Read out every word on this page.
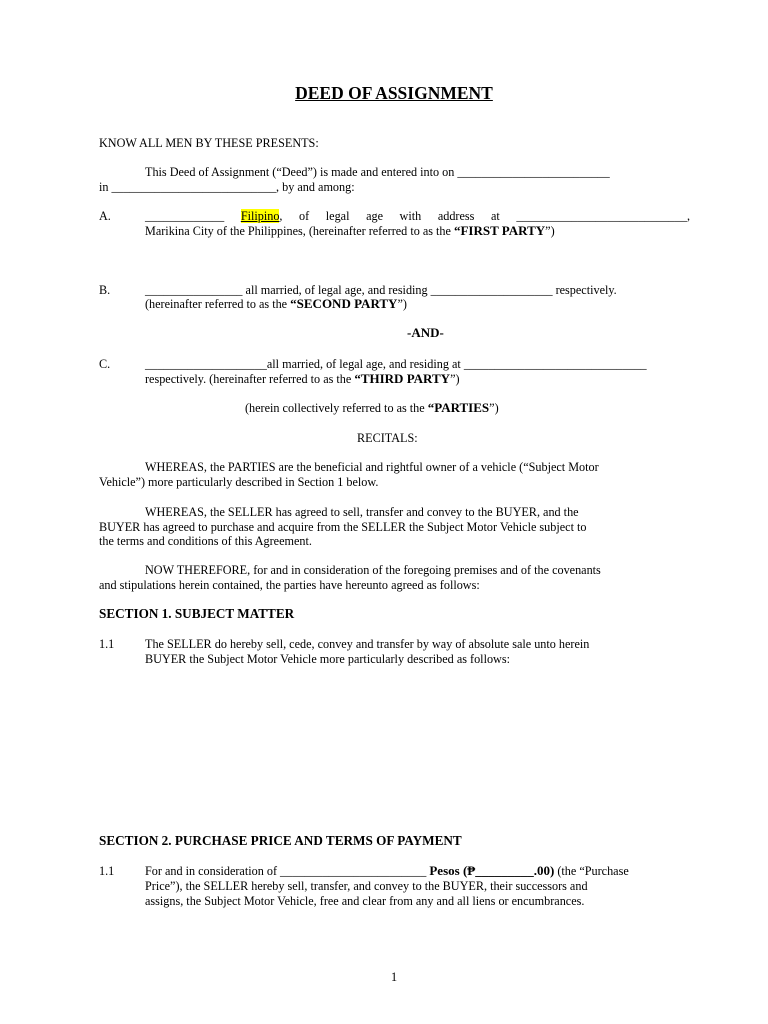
DEED OF ASSIGNMENT
KNOW ALL MEN BY THESE PRESENTS:
This Deed of Assignment (“Deed”) is made and entered into on _________________________
in ___________________________, by and among:
A.	_____________ Filipino, of legal age with address at ____________________________,
Marikina City of the Philippines, (hereinafter referred to as the “FIRST PARTY”)
B.	________________ all married, of legal age, and residing ____________________ respectively.
(hereinafter referred to as the “SECOND PARTY”)
-AND-
C.	____________________all married, of legal age, and residing at ______________________________
respectively. (hereinafter referred to as the “THIRD PARTY”)
(herein collectively referred to as the “PARTIES”)
RECITALS:
WHEREAS, the PARTIES are the beneficial and rightful owner of a vehicle (“Subject Motor
Vehicle”) more particularly described in Section 1 below.
WHEREAS, the SELLER has agreed to sell, transfer and convey to the BUYER, and the
BUYER has agreed to purchase and acquire from the SELLER the Subject Motor Vehicle subject to
the terms and conditions of this Agreement.
NOW THEREFORE, for and in consideration of the foregoing premises and of the covenants
and stipulations herein contained, the parties have hereunto agreed as follows:
SECTION 1. SUBJECT MATTER
1.1	The SELLER do hereby sell, cede, convey and transfer by way of absolute sale unto herein
BUYER the Subject Motor Vehicle more particularly described as follows:
SECTION 2. PURCHASE PRICE AND TERMS OF PAYMENT
1.1	For and in consideration of ________________________ Pesos (₱_________.00) (the “Purchase
Price”), the SELLER hereby sell, transfer, and convey to the BUYER, their successors and
assigns, the Subject Motor Vehicle, free and clear from any and all liens or encumbrances.
1
